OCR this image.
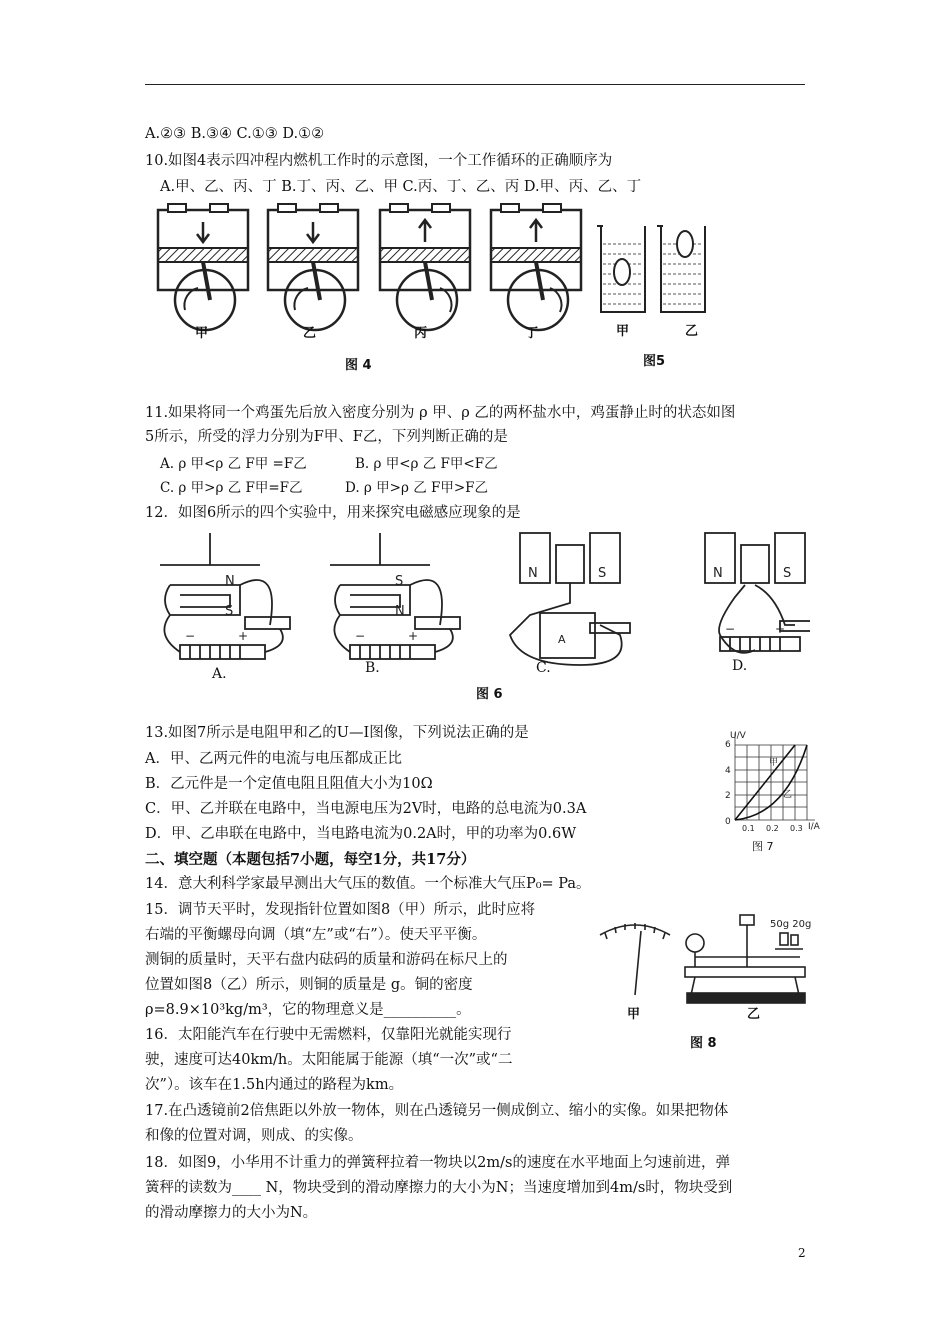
A.②③ B.③④ C.①③ D.①②
10.如图4表示四冲程内燃机工作时的示意图，一个工作循环的正确顺序为
A.甲、乙、丙、丁 B.丁、丙、乙、甲 C.丙、丁、乙、丙 D.甲、丙、乙、丁
甲	乙	丙	丁
图 4
甲	乙
图5
11.如果将同一个鸡蛋先后放入密度分别为 ρ 甲、ρ 乙的两杯盐水中，鸡蛋静止时的状态如图
5所示，所受的浮力分别为F甲、F乙，下列判断正确的是
A. ρ 甲<ρ 乙 F甲 =F乙	B. ρ 甲<ρ 乙 F甲<F乙
C. ρ 甲>ρ 乙 F甲=F乙	D. ρ 甲>ρ 乙 F甲>F乙
12．如图6所示的四个实验中，用来探究电磁感应现象的是
N
S
−	+
S
N
−	+
N	S
A
N	S
−	+
A.	B.	C.	D.
图 6
13.如图7所示是电阻甲和乙的U—I图像，下列说法正确的是
A．甲、乙两元件的电流与电压都成正比
B．乙元件是一个定值电阻且阻值大小为10Ω
C．甲、乙并联在电路中，当电源电压为2V时，电路的总电流为0.3A
D．甲、乙串联在电路中，当电路电流为0.2A时，甲的功率为0.6W
U/V
6
4
2
0
0.1 0.2 0.3 I/A
甲
乙
图 7
二、填空题（本题包括7小题，每空1分，共17分）
14．意大利科学家最早测出大气压的数值。一个标准大气压P₀= Pa。
15．调节天平时，发现指针位置如图8（甲）所示，此时应将
右端的平衡螺母向调（填“左”或“右”）。使天平平衡。
测铜的质量时，天平右盘内砝码的质量和游码在标尺上的
位置如图8（乙）所示，则铜的质量是 g。铜的密度
ρ=8.9×10³kg/m³，它的物理意义是__________。
50g 20g
甲	乙
图 8
16．太阳能汽车在行驶中无需燃料，仅靠阳光就能实现行
驶，速度可达40km/h。太阳能属于能源（填“一次”或“二
次”）。该车在1.5h内通过的路程为km。
17.在凸透镜前2倍焦距以外放一物体，则在凸透镜另一侧成倒立、缩小的实像。如果把物体
和像的位置对调，则成、的实像。
18．如图9，小华用不计重力的弹簧秤拉着一物块以2m/s的速度在水平地面上匀速前进，弹
簧秤的读数为____ N，物块受到的滑动摩擦力的大小为N；当速度增加到4m/s时，物块受到
的滑动摩擦力的大小为N。
2
